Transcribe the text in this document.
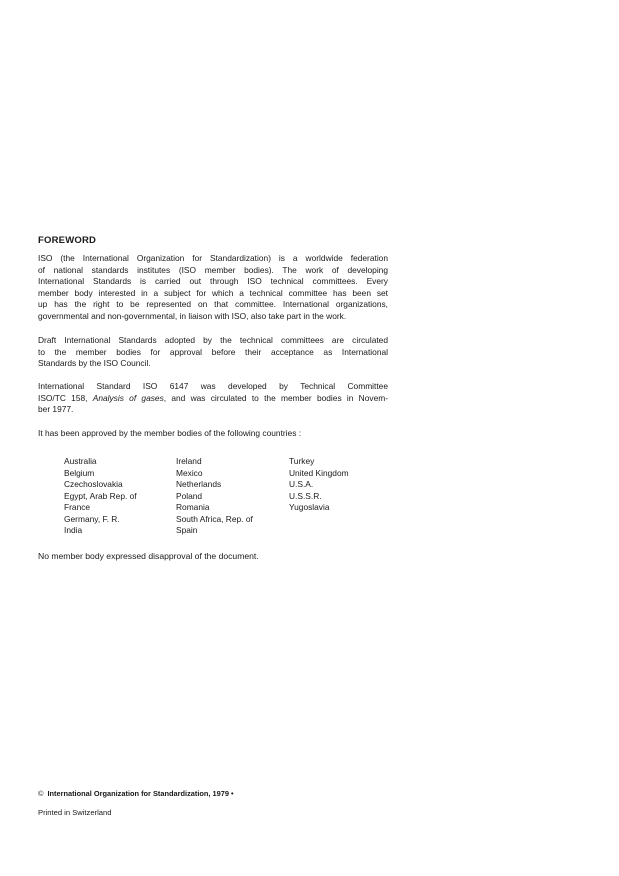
FOREWORD
ISO (the International Organization for Standardization) is a worldwide federation
of national standards institutes (ISO member bodies). The work of developing
International Standards is carried out through ISO technical committees. Every
member body interested in a subject for which a technical committee has been set
up has the right to be represented on that committee. International organizations,
governmental and non-governmental, in liaison with ISO, also take part in the work.
Draft International Standards adopted by the technical committees are circulated
to the member bodies for approval before their acceptance as International
Standards by the ISO Council.
International Standard ISO 6147 was developed by Technical Committee
ISO/TC 158, Analysis of gases, and was circulated to the member bodies in Novem-
ber 1977.
It has been approved by the member bodies of the following countries :
Australia
Belgium
Czechoslovakia
Egypt, Arab Rep. of
France
Germany, F. R.
India
Ireland
Mexico
Netherlands
Poland
Romania
South Africa, Rep. of
Spain
Turkey
United Kingdom
U.S.A.
U.S.S.R.
Yugoslavia
No member body expressed disapproval of the document.
© International Organization for Standardization, 1979 •
Printed in Switzerland
